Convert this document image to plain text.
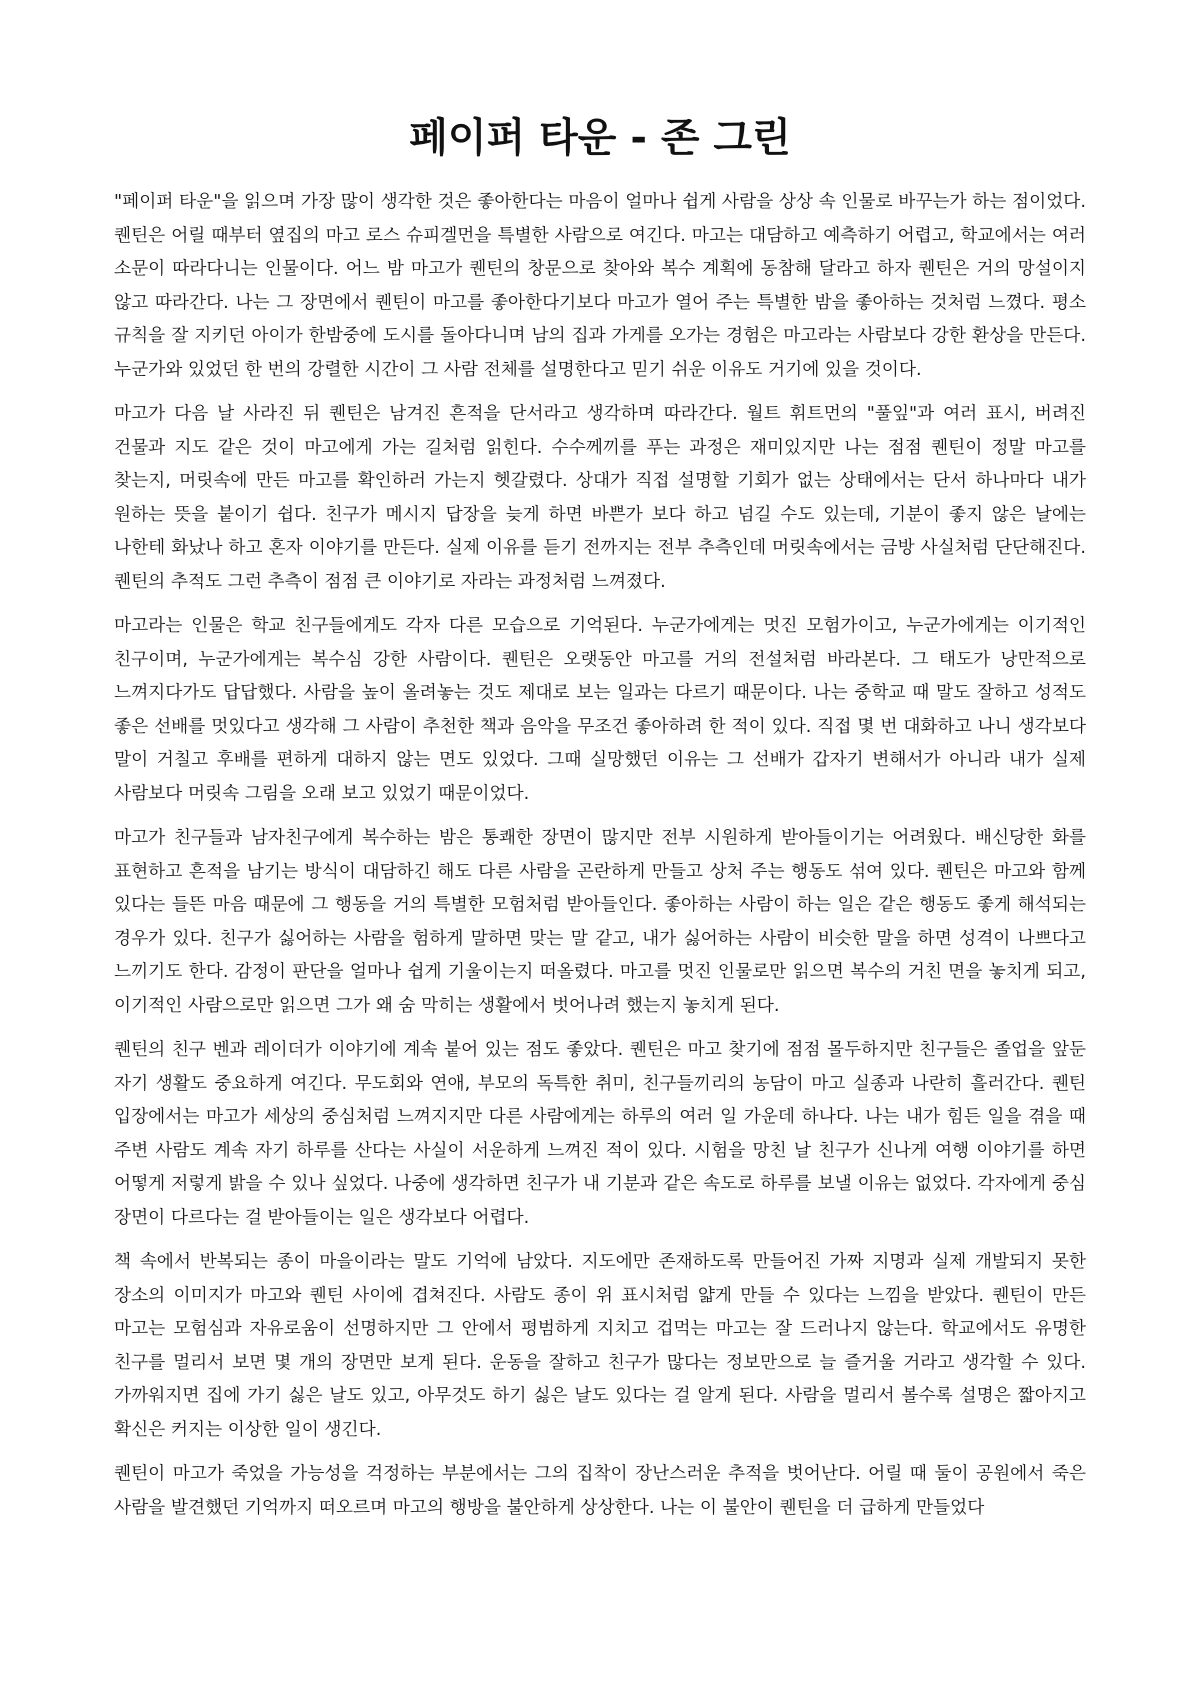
페이퍼 타운 - 존 그린

"페이퍼 타운"을 읽으며 가장 많이 생각한 것은 좋아한다는 마음이 얼마나 쉽게 사람을 상상 속 인물로 바꾸는가 하는 점이었다. 퀜틴은 어릴 때부터 옆집의 마고 로스 슈피겔먼을 특별한 사람으로 여긴다. 마고는 대담하고 예측하기 어렵고, 학교에서는 여러 소문이 따라다니는 인물이다. 어느 밤 마고가 퀜틴의 창문으로 찾아와 복수 계획에 동참해 달라고 하자 퀜틴은 거의 망설이지 않고 따라간다. 나는 그 장면에서 퀜틴이 마고를 좋아한다기보다 마고가 열어 주는 특별한 밤을 좋아하는 것처럼 느꼈다. 평소 규칙을 잘 지키던 아이가 한밤중에 도시를 돌아다니며 남의 집과 가게를 오가는 경험은 마고라는 사람보다 강한 환상을 만든다. 누군가와 있었던 한 번의 강렬한 시간이 그 사람 전체를 설명한다고 믿기 쉬운 이유도 거기에 있을 것이다.

마고가 다음 날 사라진 뒤 퀜틴은 남겨진 흔적을 단서라고 생각하며 따라간다. 월트 휘트먼의 "풀잎"과 여러 표시, 버려진 건물과 지도 같은 것이 마고에게 가는 길처럼 읽힌다. 수수께끼를 푸는 과정은 재미있지만 나는 점점 퀜틴이 정말 마고를 찾는지, 머릿속에 만든 마고를 확인하러 가는지 헷갈렸다. 상대가 직접 설명할 기회가 없는 상태에서는 단서 하나마다 내가 원하는 뜻을 붙이기 쉽다. 친구가 메시지 답장을 늦게 하면 바쁜가 보다 하고 넘길 수도 있는데, 기분이 좋지 않은 날에는 나한테 화났나 하고 혼자 이야기를 만든다. 실제 이유를 듣기 전까지는 전부 추측인데 머릿속에서는 금방 사실처럼 단단해진다. 퀜틴의 추적도 그런 추측이 점점 큰 이야기로 자라는 과정처럼 느껴졌다.

마고라는 인물은 학교 친구들에게도 각자 다른 모습으로 기억된다. 누군가에게는 멋진 모험가이고, 누군가에게는 이기적인 친구이며, 누군가에게는 복수심 강한 사람이다. 퀜틴은 오랫동안 마고를 거의 전설처럼 바라본다. 그 태도가 낭만적으로 느껴지다가도 답답했다. 사람을 높이 올려놓는 것도 제대로 보는 일과는 다르기 때문이다. 나는 중학교 때 말도 잘하고 성적도 좋은 선배를 멋있다고 생각해 그 사람이 추천한 책과 음악을 무조건 좋아하려 한 적이 있다. 직접 몇 번 대화하고 나니 생각보다 말이 거칠고 후배를 편하게 대하지 않는 면도 있었다. 그때 실망했던 이유는 그 선배가 갑자기 변해서가 아니라 내가 실제 사람보다 머릿속 그림을 오래 보고 있었기 때문이었다.

마고가 친구들과 남자친구에게 복수하는 밤은 통쾌한 장면이 많지만 전부 시원하게 받아들이기는 어려웠다. 배신당한 화를 표현하고 흔적을 남기는 방식이 대담하긴 해도 다른 사람을 곤란하게 만들고 상처 주는 행동도 섞여 있다. 퀜틴은 마고와 함께 있다는 들뜬 마음 때문에 그 행동을 거의 특별한 모험처럼 받아들인다. 좋아하는 사람이 하는 일은 같은 행동도 좋게 해석되는 경우가 있다. 친구가 싫어하는 사람을 험하게 말하면 맞는 말 같고, 내가 싫어하는 사람이 비슷한 말을 하면 성격이 나쁘다고 느끼기도 한다. 감정이 판단을 얼마나 쉽게 기울이는지 떠올렸다. 마고를 멋진 인물로만 읽으면 복수의 거친 면을 놓치게 되고, 이기적인 사람으로만 읽으면 그가 왜 숨 막히는 생활에서 벗어나려 했는지 놓치게 된다.

퀜틴의 친구 벤과 레이더가 이야기에 계속 붙어 있는 점도 좋았다. 퀜틴은 마고 찾기에 점점 몰두하지만 친구들은 졸업을 앞둔 자기 생활도 중요하게 여긴다. 무도회와 연애, 부모의 독특한 취미, 친구들끼리의 농담이 마고 실종과 나란히 흘러간다. 퀜틴 입장에서는 마고가 세상의 중심처럼 느껴지지만 다른 사람에게는 하루의 여러 일 가운데 하나다. 나는 내가 힘든 일을 겪을 때 주변 사람도 계속 자기 하루를 산다는 사실이 서운하게 느껴진 적이 있다. 시험을 망친 날 친구가 신나게 여행 이야기를 하면 어떻게 저렇게 밝을 수 있나 싶었다. 나중에 생각하면 친구가 내 기분과 같은 속도로 하루를 보낼 이유는 없었다. 각자에게 중심 장면이 다르다는 걸 받아들이는 일은 생각보다 어렵다.

책 속에서 반복되는 종이 마을이라는 말도 기억에 남았다. 지도에만 존재하도록 만들어진 가짜 지명과 실제 개발되지 못한 장소의 이미지가 마고와 퀜틴 사이에 겹쳐진다. 사람도 종이 위 표시처럼 얇게 만들 수 있다는 느낌을 받았다. 퀜틴이 만든 마고는 모험심과 자유로움이 선명하지만 그 안에서 평범하게 지치고 겁먹는 마고는 잘 드러나지 않는다. 학교에서도 유명한 친구를 멀리서 보면 몇 개의 장면만 보게 된다. 운동을 잘하고 친구가 많다는 정보만으로 늘 즐거울 거라고 생각할 수 있다. 가까워지면 집에 가기 싫은 날도 있고, 아무것도 하기 싫은 날도 있다는 걸 알게 된다. 사람을 멀리서 볼수록 설명은 짧아지고 확신은 커지는 이상한 일이 생긴다.

퀜틴이 마고가 죽었을 가능성을 걱정하는 부분에서는 그의 집착이 장난스러운 추적을 벗어난다. 어릴 때 둘이 공원에서 죽은 사람을 발견했던 기억까지 떠오르며 마고의 행방을 불안하게 상상한다. 나는 이 불안이 퀜틴을 더 급하게 만들었다
